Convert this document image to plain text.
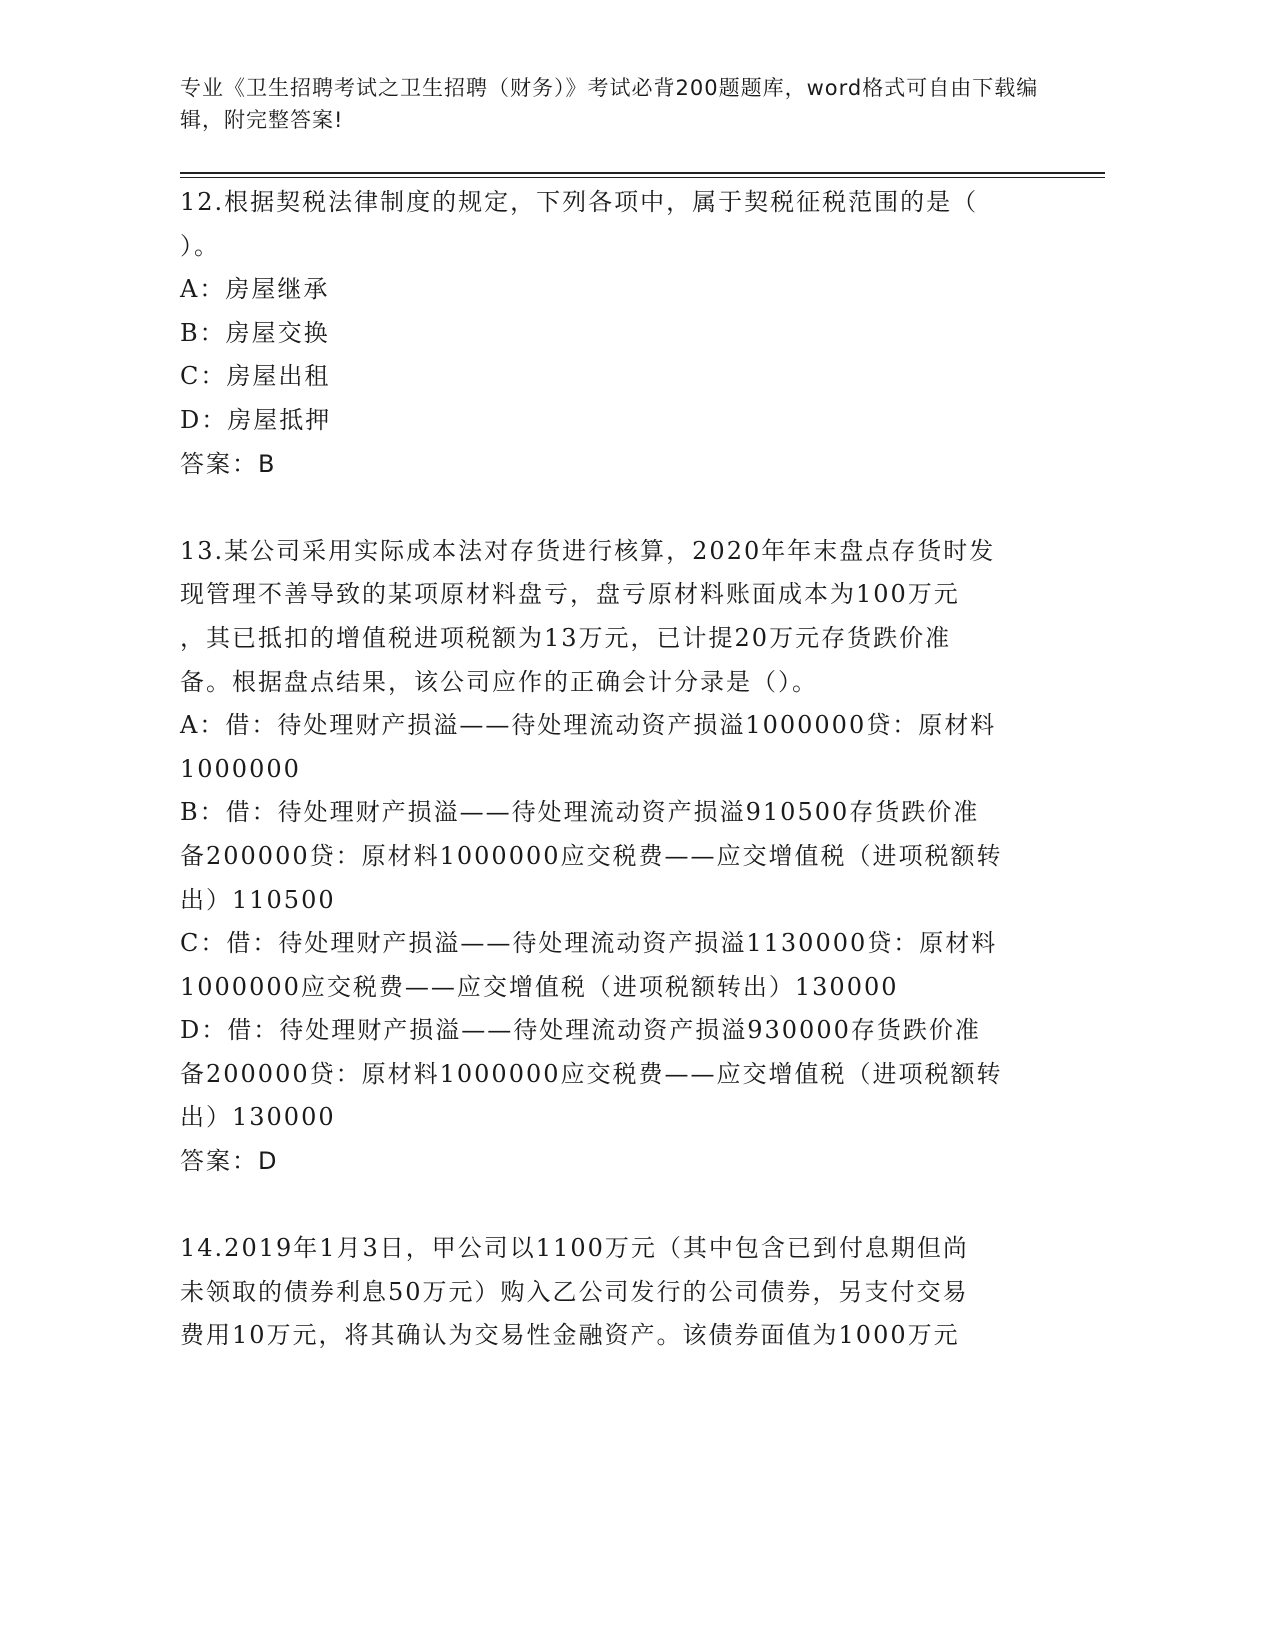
专业《卫生招聘考试之卫生招聘（财务）》考试必背200题题库，word格式可自由下载编辑，附完整答案!

12.根据契税法律制度的规定，下列各项中，属于契税征税范围的是（

）。

A：房屋继承

B：房屋交换

C：房屋出租

D：房屋抵押

答案：B

13.某公司采用实际成本法对存货进行核算，2020年年末盘点存货时发

现管理不善导致的某项原材料盘亏，盘亏原材料账面成本为100万元

，其已抵扣的增值税进项税额为13万元，已计提20万元存货跌价准

备。根据盘点结果，该公司应作的正确会计分录是（）。

A：借：待处理财产损溢——待处理流动资产损溢1000000贷：原材料

1000000

B：借：待处理财产损溢——待处理流动资产损溢910500存货跌价准

备200000贷：原材料1000000应交税费——应交增值税（进项税额转

出）110500

C：借：待处理财产损溢——待处理流动资产损溢1130000贷：原材料

1000000应交税费——应交增值税（进项税额转出）130000

D：借：待处理财产损溢——待处理流动资产损溢930000存货跌价准

备200000贷：原材料1000000应交税费——应交增值税（进项税额转

出）130000

答案：D

14.2019年1月3日，甲公司以1100万元（其中包含已到付息期但尚

未领取的债券利息50万元）购入乙公司发行的公司债券，另支付交易

费用10万元，将其确认为交易性金融资产。该债券面值为1000万元
